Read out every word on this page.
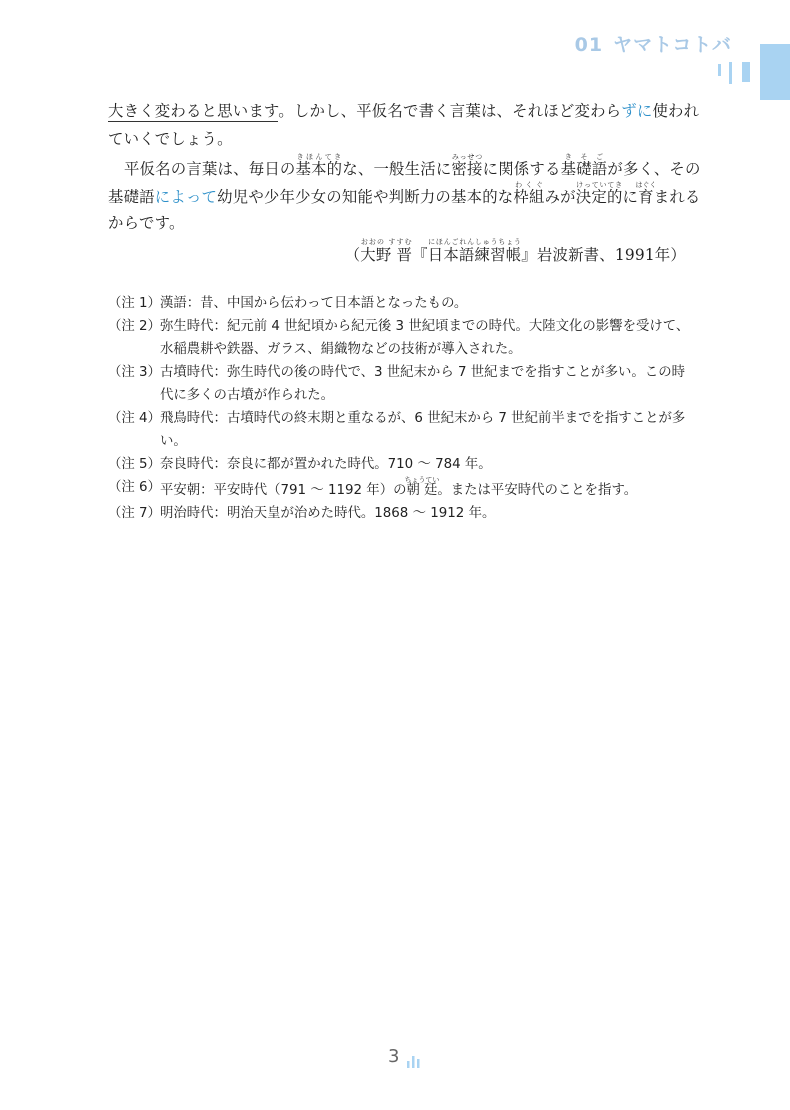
01 ヤマトコトバ
大きく変わると思います。しかし、平仮名で書く言葉は、それほど変わらずに使われ
ていくでしょう。
平仮名の言葉は、毎日の基本的きほんてきな、一般生活に密接みっせつに関係する基礎語きそごが多く、その
基礎語によって幼児や少年少女の知能や判断力の基本的な枠組わくぐみが決定的けっていてきに育はぐくまれる
からです。
（大野 晋おおの すすむ『日本語練習帳にほんごれんしゅうちょう』岩波新書、1991年）
（注 1） 漢語：昔、中国から伝わって日本語となったもの。
（注 2） 弥生時代：紀元前 4 世紀頃から紀元後 3 世紀頃までの時代。大陸文化の影響を受けて、水稲農耕や鉄器、ガラス、絹織物などの技術が導入された。
（注 3） 古墳時代：弥生時代の後の時代で、3 世紀末から 7 世紀までを指すことが多い。この時代に多くの古墳が作られた。
（注 4） 飛鳥時代：古墳時代の終末期と重なるが、6 世紀末から 7 世紀前半までを指すことが多い。
（注 5） 奈良時代：奈良に都が置かれた時代。710 ～ 784 年。
（注 6） 平安朝：平安時代（791 ～ 1192 年）の朝廷ちょうてい。または平安時代のことを指す。
（注 7） 明治時代：明治天皇が治めた時代。1868 ～ 1912 年。
3
